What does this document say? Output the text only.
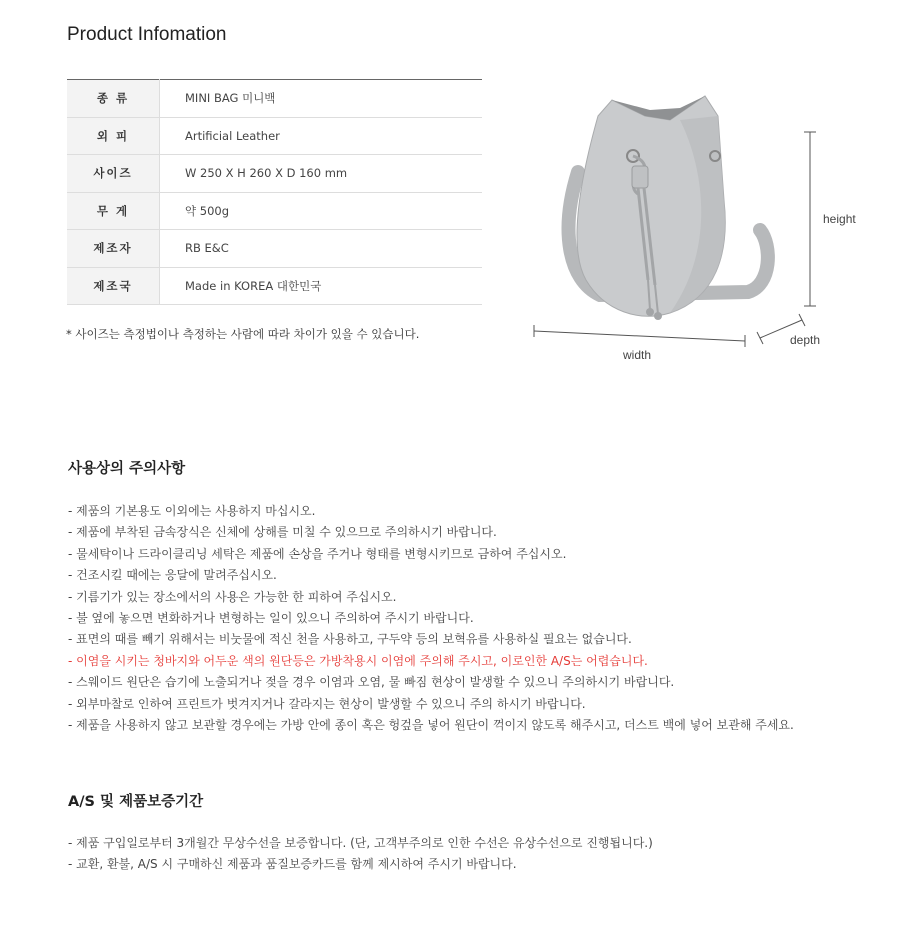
Product Infomation
종 류	MINI BAG 미니백
외 피	Artificial Leather
사이즈	W 250 X H 260 X D 160 mm
무 게	약 500g
제조자	RB E&C
제조국	Made in KOREA 대한민국
* 사이즈는 측정법이나 측정하는 사람에 따라 차이가 있을 수 있습니다.
height
width
depth
사용상의 주의사항
- 제품의 기본용도 이외에는 사용하지 마십시오.
- 제품에 부착된 금속장식은 신체에 상해를 미칠 수 있으므로 주의하시기 바랍니다.
- 물세탁이나 드라이클리닝 세탁은 제품에 손상을 주거나 형태를 변형시키므로 금하여 주십시오.
- 건조시킬 때에는 응달에 말려주십시오.
- 기름기가 있는 장소에서의 사용은 가능한 한 피하여 주십시오.
- 불 옆에 놓으면 변화하거나 변형하는 일이 있으니 주의하여 주시기 바랍니다.
- 표면의 때를 빼기 위해서는 비눗물에 적신 천을 사용하고, 구두약 등의 보혁유를 사용하실 필요는 없습니다.
- 이염을 시키는 청바지와 어두운 색의 원단등은 가방착용시 이염에 주의해 주시고, 이로인한 A/S는 어렵습니다.
- 스웨이드 원단은 습기에 노출되거나 젖을 경우 이염과 오염, 물 빠짐 현상이 발생할 수 있으니 주의하시기 바랍니다.
- 외부마찰로 인하여 프린트가 벗겨지거나 갈라지는 현상이 발생할 수 있으니 주의 하시기 바랍니다.
- 제품을 사용하지 않고 보관할 경우에는 가방 안에 종이 혹은 헝겊을 넣어 원단이 꺽이지 않도록 해주시고, 더스트 백에 넣어 보관해 주세요.
A/S 및 제품보증기간
- 제품 구입일로부터 3개월간 무상수선을 보증합니다. (단, 고객부주의로 인한 수선은 유상수선으로 진행됩니다.)
- 교환, 환불, A/S 시 구매하신 제품과 품질보증카드를 함께 제시하여 주시기 바랍니다.
